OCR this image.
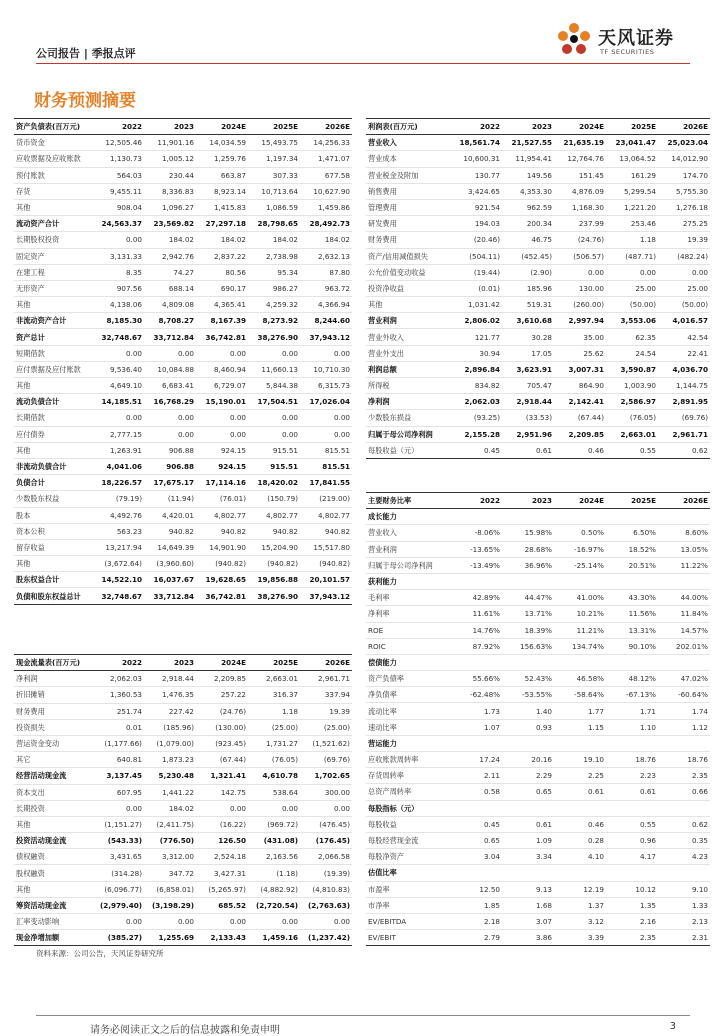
公司报告 | 季报点评
天风证券
TF SECURITIES
财务预测摘要
资产负债表(百万元)	2022	2023	2024E	2025E	2026E
货币资金	12,505.46	11,901.16	14,034.59	15,493.75	14,256.33
应收票据及应收账款	1,130.73	1,005.12	1,259.76	1,197.34	1,471.07
预付账款	564.03	230.44	663.87	307.33	677.58
存货	9,455.11	8,336.83	8,923.14	10,713.64	10,627.90
其他	908.04	1,096.27	1,415.83	1,086.59	1,459.86
流动资产合计	24,563.37	23,569.82	27,297.18	28,798.65	28,492.73
长期股权投资	0.00	184.02	184.02	184.02	184.02
固定资产	3,131.33	2,942.76	2,837.22	2,738.98	2,632.13
在建工程	8.35	74.27	80.56	95.34	87.80
无形资产	907.56	688.14	690.17	986.27	963.72
其他	4,138.06	4,809.08	4,365.41	4,259.32	4,366.94
非流动资产合计	8,185.30	8,708.27	8,167.39	8,273.92	8,244.60
资产总计	32,748.67	33,712.84	36,742.81	38,276.90	37,943.12
短期借款	0.00	0.00	0.00	0.00	0.00
应付票据及应付账款	9,536.40	10,084.88	8,460.94	11,660.13	10,710.30
其他	4,649.10	6,683.41	6,729.07	5,844.38	6,315.73
流动负债合计	14,185.51	16,768.29	15,190.01	17,504.51	17,026.04
长期借款	0.00	0.00	0.00	0.00	0.00
应付债券	2,777.15	0.00	0.00	0.00	0.00
其他	1,263.91	906.88	924.15	915.51	815.51
非流动负债合计	4,041.06	906.88	924.15	915.51	815.51
负债合计	18,226.57	17,675.17	17,114.16	18,420.02	17,841.55
少数股东权益	(79.19)	(11.94)	(76.01)	(150.79)	(219.00)
股本	4,492.76	4,420.01	4,802.77	4,802.77	4,802.77
资本公积	563.23	940.82	940.82	940.82	940.82
留存收益	13,217.94	14,649.39	14,901.90	15,204.90	15,517.80
其他	(3,672.64)	(3,960.60)	(940.82)	(940.82)	(940.82)
股东权益合计	14,522.10	16,037.67	19,628.65	19,856.88	20,101.57
负债和股东权益总计	32,748.67	33,712.84	36,742.81	38,276.90	37,943.12
利润表(百万元)	2022	2023	2024E	2025E	2026E
营业收入	18,561.74	21,527.55	21,635.19	23,041.47	25,023.04
营业成本	10,600.31	11,954.41	12,764.76	13,064.52	14,012.90
营业税金及附加	130.77	149.56	151.45	161.29	174.70
销售费用	3,424.65	4,353.30	4,876.09	5,299.54	5,755.30
管理费用	921.54	962.59	1,168.30	1,221.20	1,276.18
研发费用	194.03	200.34	237.99	253.46	275.25
财务费用	(20.46)	46.75	(24.76)	1.18	19.39
资产/信用减值损失	(504.11)	(452.45)	(506.57)	(487.71)	(482.24)
公允价值变动收益	(19.44)	(2.90)	0.00	0.00	0.00
投资净收益	(0.01)	185.96	130.00	25.00	25.00
其他	1,031.42	519.31	(260.00)	(50.00)	(50.00)
营业利润	2,806.02	3,610.68	2,997.94	3,553.06	4,016.57
营业外收入	121.77	30.28	35.00	62.35	42.54
营业外支出	30.94	17.05	25.62	24.54	22.41
利润总额	2,896.84	3,623.91	3,007.31	3,590.87	4,036.70
所得税	834.82	705.47	864.90	1,003.90	1,144.75
净利润	2,062.03	2,918.44	2,142.41	2,586.97	2,891.95
少数股东损益	(93.25)	(33.53)	(67.44)	(76.05)	(69.76)
归属于母公司净利润	2,155.28	2,951.96	2,209.85	2,663.01	2,961.71
每股收益（元）	0.45	0.61	0.46	0.55	0.62
主要财务比率	2022	2023	2024E	2025E	2026E
成长能力					
营业收入	-8.06%	15.98%	0.50%	6.50%	8.60%
营业利润	-13.65%	28.68%	-16.97%	18.52%	13.05%
归属于母公司净利润	-13.49%	36.96%	-25.14%	20.51%	11.22%
获利能力					
毛利率	42.89%	44.47%	41.00%	43.30%	44.00%
净利率	11.61%	13.71%	10.21%	11.56%	11.84%
ROE	14.76%	18.39%	11.21%	13.31%	14.57%
ROIC	87.92%	156.63%	134.74%	90.10%	202.01%
偿债能力					
资产负债率	55.66%	52.43%	46.58%	48.12%	47.02%
净负债率	-62.48%	-53.55%	-58.64%	-67.13%	-60.64%
流动比率	1.73	1.40	1.77	1.71	1.74
速动比率	1.07	0.93	1.15	1.10	1.12
营运能力					
应收账款周转率	17.24	20.16	19.10	18.76	18.76
存货周转率	2.11	2.29	2.25	2.23	2.35
总资产周转率	0.58	0.65	0.61	0.61	0.66
每股指标（元）					
每股收益	0.45	0.61	0.46	0.55	0.62
每股经营现金流	0.65	1.09	0.28	0.96	0.35
每股净资产	3.04	3.34	4.10	4.17	4.23
估值比率					
市盈率	12.50	9.13	12.19	10.12	9.10
市净率	1.85	1.68	1.37	1.35	1.33
EV/EBITDA	2.18	3.07	3.12	2.16	2.13
EV/EBIT	2.79	3.86	3.39	2.35	2.31
现金流量表(百万元)	2022	2023	2024E	2025E	2026E
净利润	2,062.03	2,918.44	2,209.85	2,663.01	2,961.71
折旧摊销	1,360.53	1,476.35	257.22	316.37	337.94
财务费用	251.74	227.42	(24.76)	1.18	19.39
投资损失	0.01	(185.96)	(130.00)	(25.00)	(25.00)
营运资金变动	(1,177.66)	(1,079.00)	(923.45)	1,731.27	(1,521.62)
其它	640.81	1,873.23	(67.44)	(76.05)	(69.76)
经营活动现金流	3,137.45	5,230.48	1,321.41	4,610.78	1,702.65
资本支出	607.95	1,441.22	142.75	538.64	300.00
长期投资	0.00	184.02	0.00	0.00	0.00
其他	(1,151.27)	(2,411.75)	(16.22)	(969.72)	(476.45)
投资活动现金流	(543.33)	(776.50)	126.50	(431.08)	(176.45)
债权融资	3,431.65	3,312.00	2,524.18	2,163.56	2,066.58
股权融资	(314.28)	347.72	3,427.31	(1.18)	(19.39)
其他	(6,096.77)	(6,858.01)	(5,265.97)	(4,882.92)	(4,810.83)
筹资活动现金流	(2,979.40)	(3,198.29)	685.52	(2,720.54)	(2,763.63)
汇率变动影响	0.00	0.00	0.00	0.00	0.00
现金净增加额	(385.27)	1,255.69	2,133.43	1,459.16	(1,237.42)
资料来源：公司公告，天风证券研究所
请务必阅读正文之后的信息披露和免责申明	3
